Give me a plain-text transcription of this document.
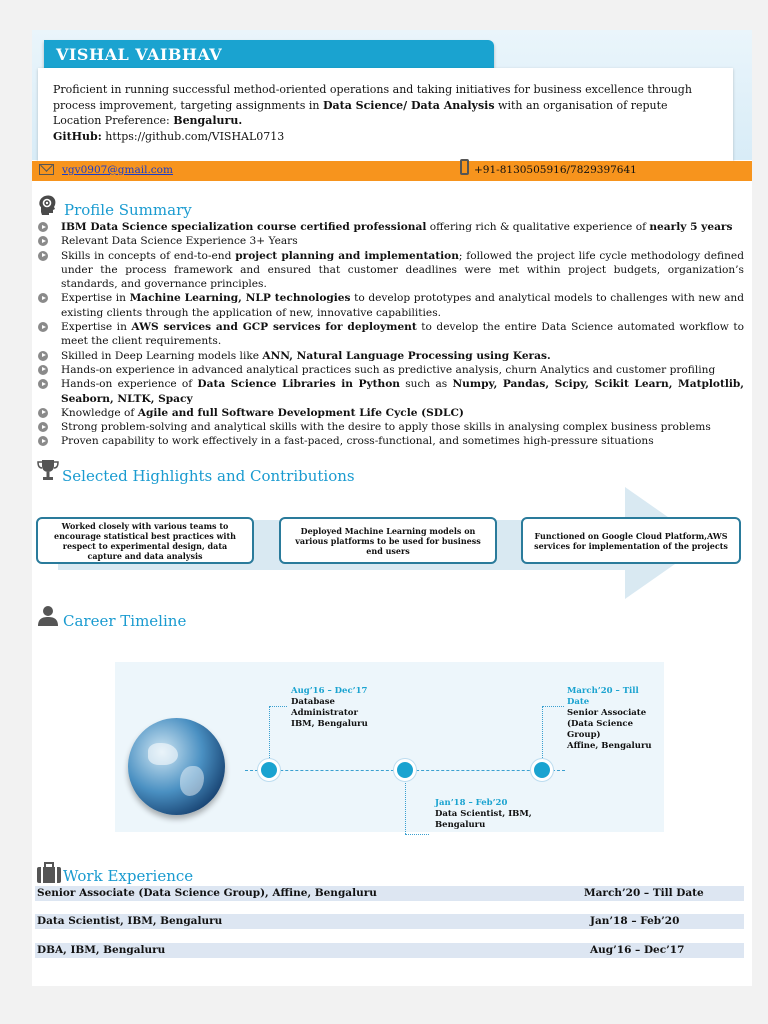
VISHAL VAIBHAV
Proficient in running successful method-oriented operations and taking initiatives for business excellence through
process improvement, targeting assignments in Data Science/ Data Analysis with an organisation of repute
Location Preference: Bengaluru.
GitHub: https://github.com/VISHAL0713
vgv0907@gmail.com	+91-8130505916/7829397641
Profile Summary
IBM Data Science specialization course certified professional offering rich & qualitative experience of nearly 5 years
Relevant Data Science Experience 3+ Years
Skills in concepts of end-to-end project planning and implementation; followed the project life cycle methodology defined under the process framework and ensured that customer deadlines were met within project budgets, organization’s standards, and governance principles.
Expertise in Machine Learning, NLP technologies to develop prototypes and analytical models to challenges with new and existing clients through the application of new, innovative capabilities.
Expertise in AWS services and GCP services for deployment to develop the entire Data Science automated workflow to meet the client requirements.
Skilled in Deep Learning models like ANN, Natural Language Processing using Keras.
Hands-on experience in advanced analytical practices such as predictive analysis, churn Analytics and customer profiling
Hands-on experience of Data Science Libraries in Python such as Numpy, Pandas, Scipy, Scikit Learn, Matplotlib, Seaborn, NLTK, Spacy
Knowledge of Agile and full Software Development Life Cycle (SDLC)
Strong problem-solving and analytical skills with the desire to apply those skills in analysing complex business problems
Proven capability to work effectively in a fast-paced, cross-functional, and sometimes high-pressure situations
Selected Highlights and Contributions
Worked closely with various teams to encourage statistical best practices with respect to experimental design, data capture and data analysis
Deployed Machine Learning models on various platforms to be used for business end users
Functioned on Google Cloud Platform,AWS services for implementation of the projects
Career Timeline
Aug’16 – Dec’17
Database
Administrator
IBM, Bengaluru
Jan’18 – Feb’20
Data Scientist, IBM,
Bengaluru
March’20 – Till
Date
Senior Associate
(Data Science
Group)
Affine, Bengaluru
Work Experience
Senior Associate (Data Science Group), Affine, Bengaluru	March’20 – Till Date
Data Scientist, IBM, Bengaluru	Jan’18 – Feb’20
DBA, IBM, Bengaluru	Aug’16 – Dec’17
